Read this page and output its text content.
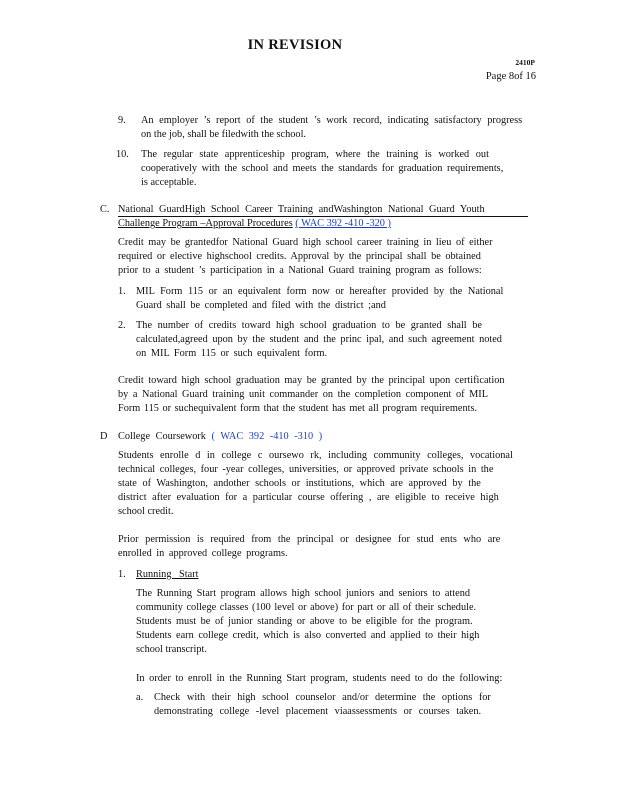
IN REVISION
2410P
Page 8of 16
9. An employer ’s report of the student ’s work record, indicating satisfactory progress
on the job, shall be filedwith the school.
10. The regular state apprenticeship program, where the training is worked out
cooperatively with the school and meets the standards for graduation requirements,
is acceptable.
C. National GuardHigh School Career Training andWashington National Guard Youth
Challenge Program –Approval Procedures ( WAC 392 -410 -320 )
Credit may be grantedfor National Guard high school career training in lieu of either
required or elective highschool credits. Approval by the principal shall be obtained
prior to a student ’s participation in a National Guard training program as follows:
1. MIL Form 115 or an equivalent form now or hereafter provided by the National
Guard shall be completed and filed with the district ;and
2. The number of credits toward high school graduation to be granted shall be
calculated,agreed upon by the student and the princ ipal, and such agreement noted
on MIL Form 115 or such equivalent form.
Credit toward high school graduation may be granted by the principal upon certification
by a National Guard training unit commander on the completion component of MIL
Form 115 or suchequivalent form that the student has met all program requirements.
D College Coursework ( WAC 392 -410 -310 )
Students enrolle d in college c oursewo rk, including community colleges, vocational
technical colleges, four -year colleges, universities, or approved private schools in the
state of Washington, andother schools or institutions, which are approved by the
district after evaluation for a particular course offering , are eligible to receive high
school credit.
Prior permission is required from the principal or designee for stud ents who are
enrolled in approved college programs.
1. Running Start
The Running Start program allows high school juniors and seniors to attend
community college classes (100 level or above) for part or all of their schedule.
Students must be of junior standing or above to be eligible for the program.
Students earn college credit, which is also converted and applied to their high
school transcript.
In order to enroll in the Running Start program, students need to do the following:
a. Check with their high school counselor and/or determine the options for
demonstrating college -level placement viaassessments or courses taken.
